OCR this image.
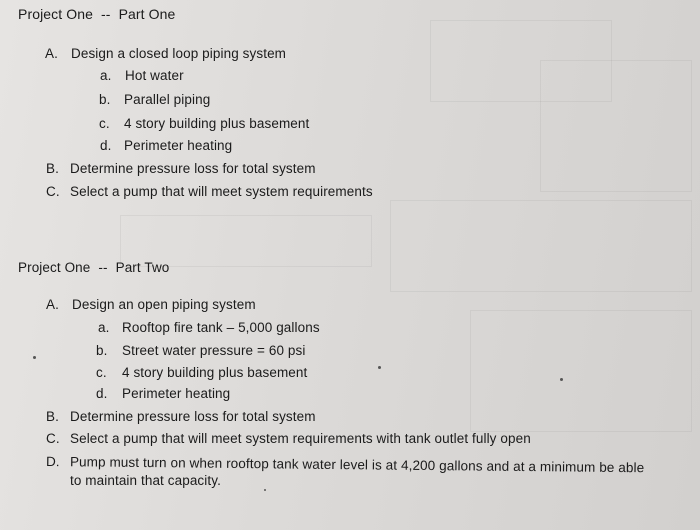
Project One -- Part One

A. Design a closed loop piping system

a. Hot water

b. Parallel piping

c. 4 story building plus basement

d. Perimeter heating

B. Determine pressure loss for total system

C. Select a pump that will meet system requirements

Project One -- Part Two

A. Design an open piping system

a. Rooftop fire tank – 5,000 gallons

b. Street water pressure = 60 psi

c. 4 story building plus basement

d. Perimeter heating

B. Determine pressure loss for total system

C. Select a pump that will meet system requirements with tank outlet fully open

D. Pump must turn on when rooftop tank water level is at 4,200 gallons and at a minimum be able

to maintain that capacity.
